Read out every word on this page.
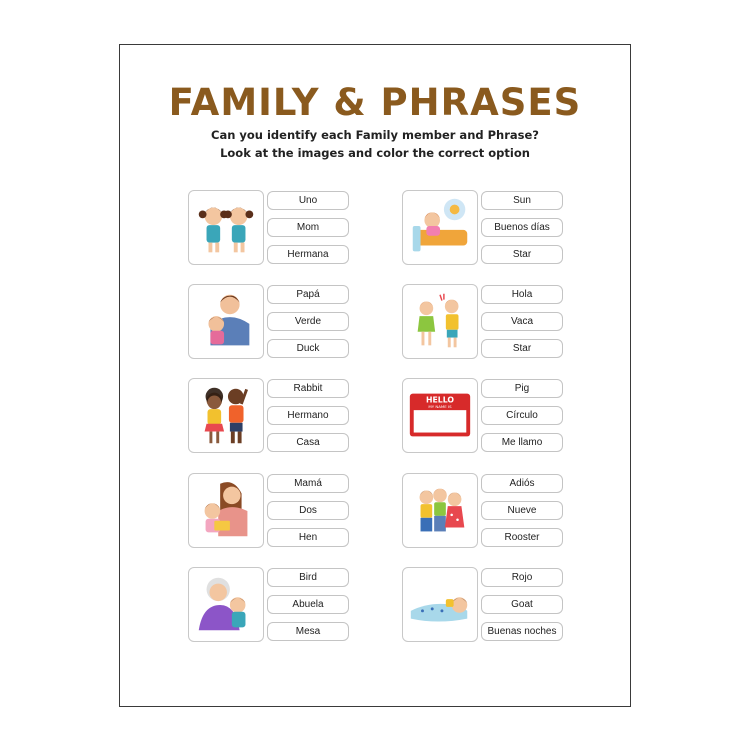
FAMILY & PHRASES
Can you identify each Family member and Phrase?
Look at the images and color the correct option
Uno
Mom
Hermana
Papá
Verde
Duck
Rabbit
Hermano
Casa
Mamá
Dos
Hen
Bird
Abuela
Mesa
Sun
Buenos días
Star
Hola
Vaca
Star
HELLO
MY NAME IS
Pig
Círculo
Me llamo
Adiós
Nueve
Rooster
Rojo
Goat
Buenas noches
